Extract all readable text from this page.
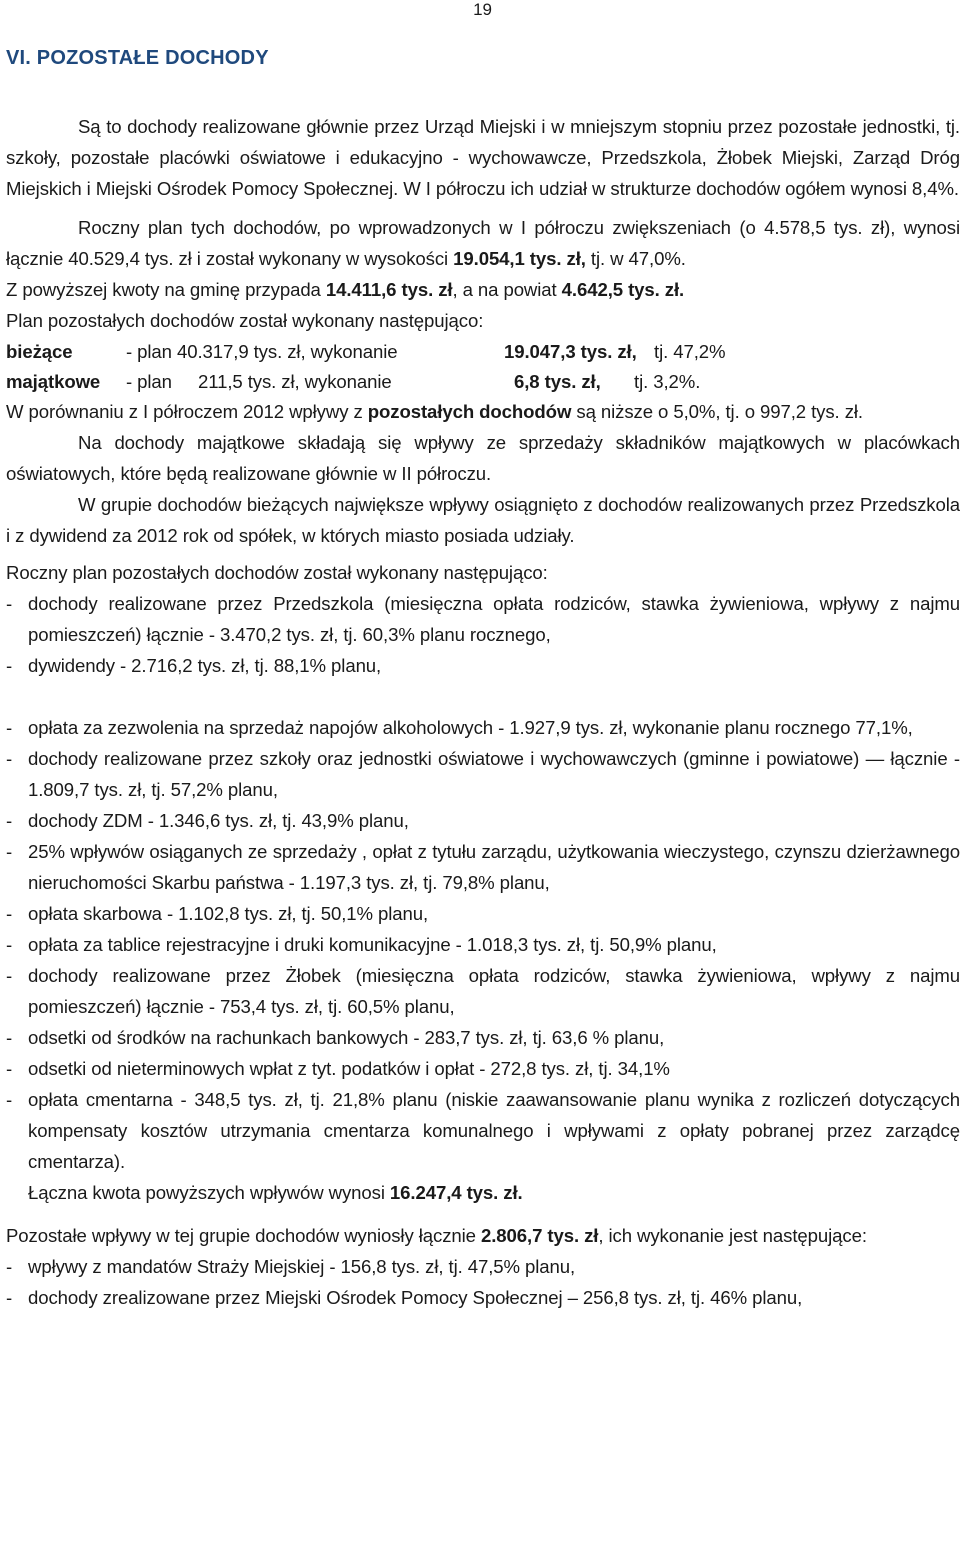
19
VI. POZOSTAŁE DOCHODY

Są to dochody realizowane głównie przez Urząd Miejski i w mniejszym stopniu przez pozostałe jednostki, tj. szkoły, pozostałe placówki oświatowe i edukacyjno - wychowawcze, Przedszkola, Żłobek Miejski, Zarząd Dróg Miejskich i Miejski Ośrodek Pomocy Społecznej. W I półroczu ich udział w strukturze dochodów ogółem wynosi 8,4%.

Roczny plan tych dochodów, po wprowadzonych w I półroczu zwiększeniach (o 4.578,5 tys. zł), wynosi łącznie 40.529,4 tys. zł i został wykonany w wysokości 19.054,1 tys. zł, tj. w 47,0%.

Z powyższej kwoty na gminę przypada 14.411,6 tys. zł, a na powiat 4.642,5 tys. zł.

Plan pozostałych dochodów został wykonany następująco:

bieżące	- plan 40.317,9 tys. zł, wykonanie	19.047,3 tys. zł, tj. 47,2%
majątkowe	- plan	211,5 tys. zł, wykonanie	6,8 tys. zł,	tj. 3,2%.

W porównaniu z I półroczem 2012 wpływy z pozostałych dochodów są niższe o 5,0%, tj. o 997,2 tys. zł.

Na dochody majątkowe składają się wpływy ze sprzedaży składników majątkowych w placówkach oświatowych, które będą realizowane głównie w II półroczu.

W grupie dochodów bieżących największe wpływy osiągnięto z dochodów realizowanych przez Przedszkola i z dywidend za 2012 rok od spółek, w których miasto posiada udziały.

Roczny plan pozostałych dochodów został wykonany następująco:

- dochody realizowane przez Przedszkola (miesięczna opłata rodziców, stawka żywieniowa, wpływy z najmu pomieszczeń) łącznie - 3.470,2 tys. zł, tj. 60,3% planu rocznego,
- dywidendy - 2.716,2 tys. zł, tj. 88,1% planu,
- opłata za zezwolenia na sprzedaż napojów alkoholowych - 1.927,9 tys. zł, wykonanie planu rocznego 77,1%,
- dochody realizowane przez szkoły oraz jednostki oświatowe i wychowawczych (gminne i powiatowe) — łącznie - 1.809,7 tys. zł, tj. 57,2% planu,
- dochody ZDM - 1.346,6 tys. zł, tj. 43,9% planu,
- 25% wpływów osiąganych ze sprzedaży , opłat z tytułu zarządu, użytkowania wieczystego, czynszu dzierżawnego nieruchomości Skarbu państwa - 1.197,3 tys. zł, tj. 79,8% planu,
- opłata skarbowa - 1.102,8 tys. zł, tj. 50,1% planu,
- opłata za tablice rejestracyjne i druki komunikacyjne - 1.018,3 tys. zł, tj. 50,9% planu,
- dochody realizowane przez Żłobek (miesięczna opłata rodziców, stawka żywieniowa, wpływy z najmu pomieszczeń) łącznie - 753,4 tys. zł, tj. 60,5% planu,
- odsetki od środków na rachunkach bankowych - 283,7 tys. zł, tj. 63,6 % planu,
- odsetki od nieterminowych wpłat z tyt. podatków i opłat - 272,8 tys. zł, tj. 34,1%
- opłata cmentarna - 348,5 tys. zł, tj. 21,8% planu (niskie zaawansowanie planu wynika z rozliczeń dotyczących kompensaty kosztów utrzymania cmentarza komunalnego i wpływami z opłaty pobranej przez zarządcę cmentarza).

Łączna kwota powyższych wpływów wynosi 16.247,4 tys. zł.

Pozostałe wpływy w tej grupie dochodów wyniosły łącznie 2.806,7 tys. zł, ich wykonanie jest następujące:

- wpływy z mandatów Straży Miejskiej - 156,8 tys. zł, tj. 47,5% planu,
- dochody zrealizowane przez Miejski Ośrodek Pomocy Społecznej – 256,8 tys. zł, tj. 46% planu,
